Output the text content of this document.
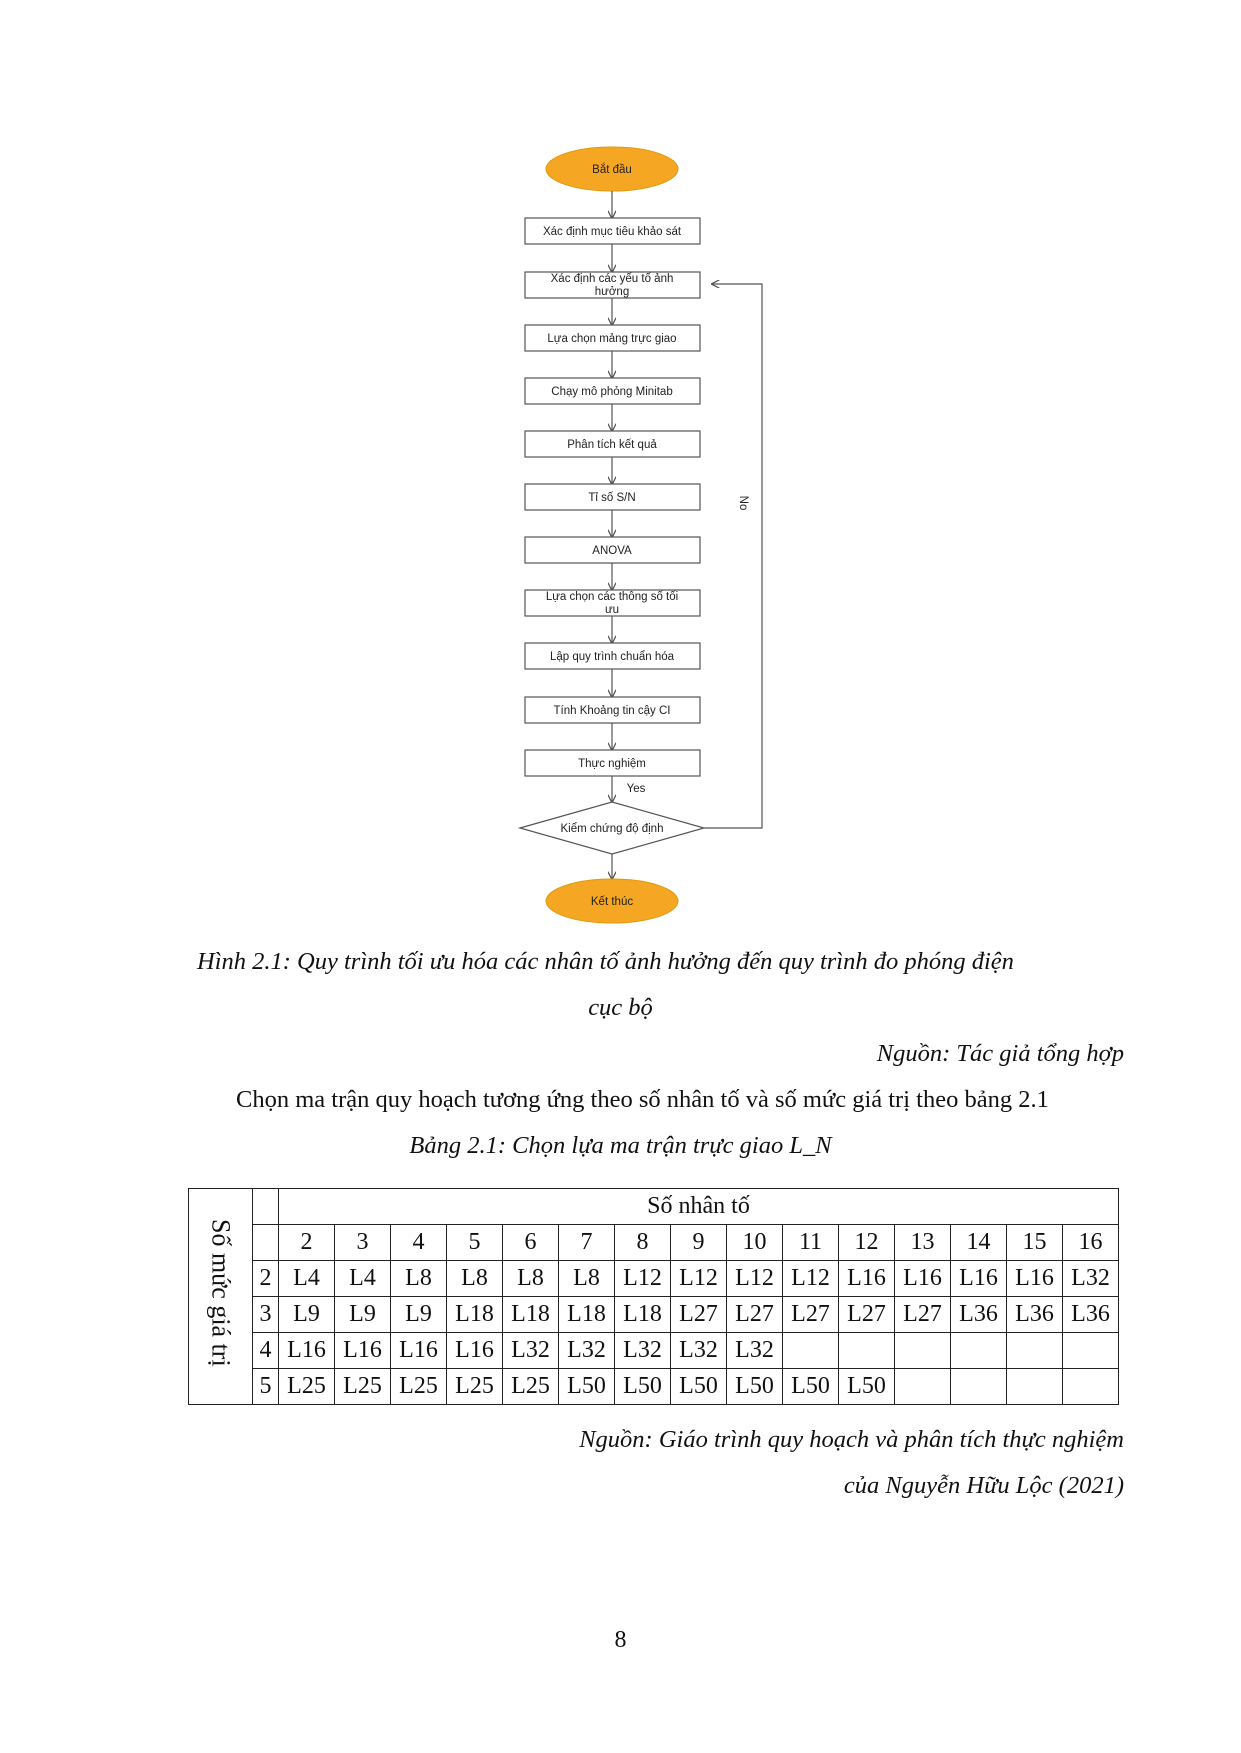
Bắt đầu
Xác định mục tiêu khảo sát
Xác định các yếu tố ảnh
hưởng
Lựa chọn mảng trực giao
Chạy mô phỏng Minitab
Phân tích kết quả
Tỉ số S/N
ANOVA
Lựa chọn các thông số tối
ưu
Lập quy trình chuẩn hóa
Tính Khoảng tin cậy CI
Thực nghiệm
Yes
Kiểm chứng độ định
No
Kết thúc
Hình 2.1: Quy trình tối ưu hóa các nhân tố ảnh hưởng đến quy trình đo phóng điện
cục bộ
Nguồn: Tác giả tổng hợp
Chọn ma trận quy hoạch tương ứng theo số nhân tố và số mức giá trị theo bảng 2.1
Bảng 2.1: Chọn lựa ma trận trực giao L_N
Số mức giá trị		Số nhân tố														
		2	3	4	5	6	7	8	9	10	11	12	13	14	15	16
	2	L4	L4	L8	L8	L8	L8	L12	L12	L12	L12	L16	L16	L16	L16	L32
	3	L9	L9	L9	L18	L18	L18	L18	L27	L27	L27	L27	L27	L36	L36	L36
	4	L16	L16	L16	L16	L32	L32	L32	L32	L32						
	5	L25	L25	L25	L25	L25	L50	L50	L50	L50	L50	L50				
Nguồn: Giáo trình quy hoạch và phân tích thực nghiệm
của Nguyễn Hữu Lộc (2021)
8
